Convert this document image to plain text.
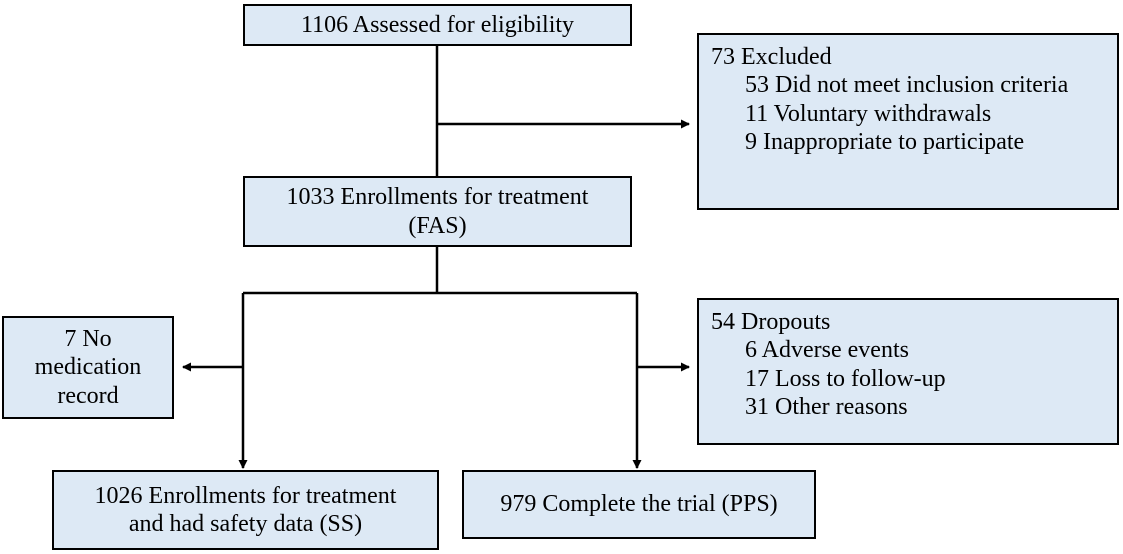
1106 Assessed for eligibility
73 Excluded
53 Did not meet inclusion criteria
11 Voluntary withdrawals
9 Inappropriate to participate
1033 Enrollments for treatment
(FAS)
7 No
medication
record
54 Dropouts
6 Adverse events
17 Loss to follow-up
31 Other reasons
1026 Enrollments for treatment
and had safety data (SS)
979 Complete the trial (PPS)
